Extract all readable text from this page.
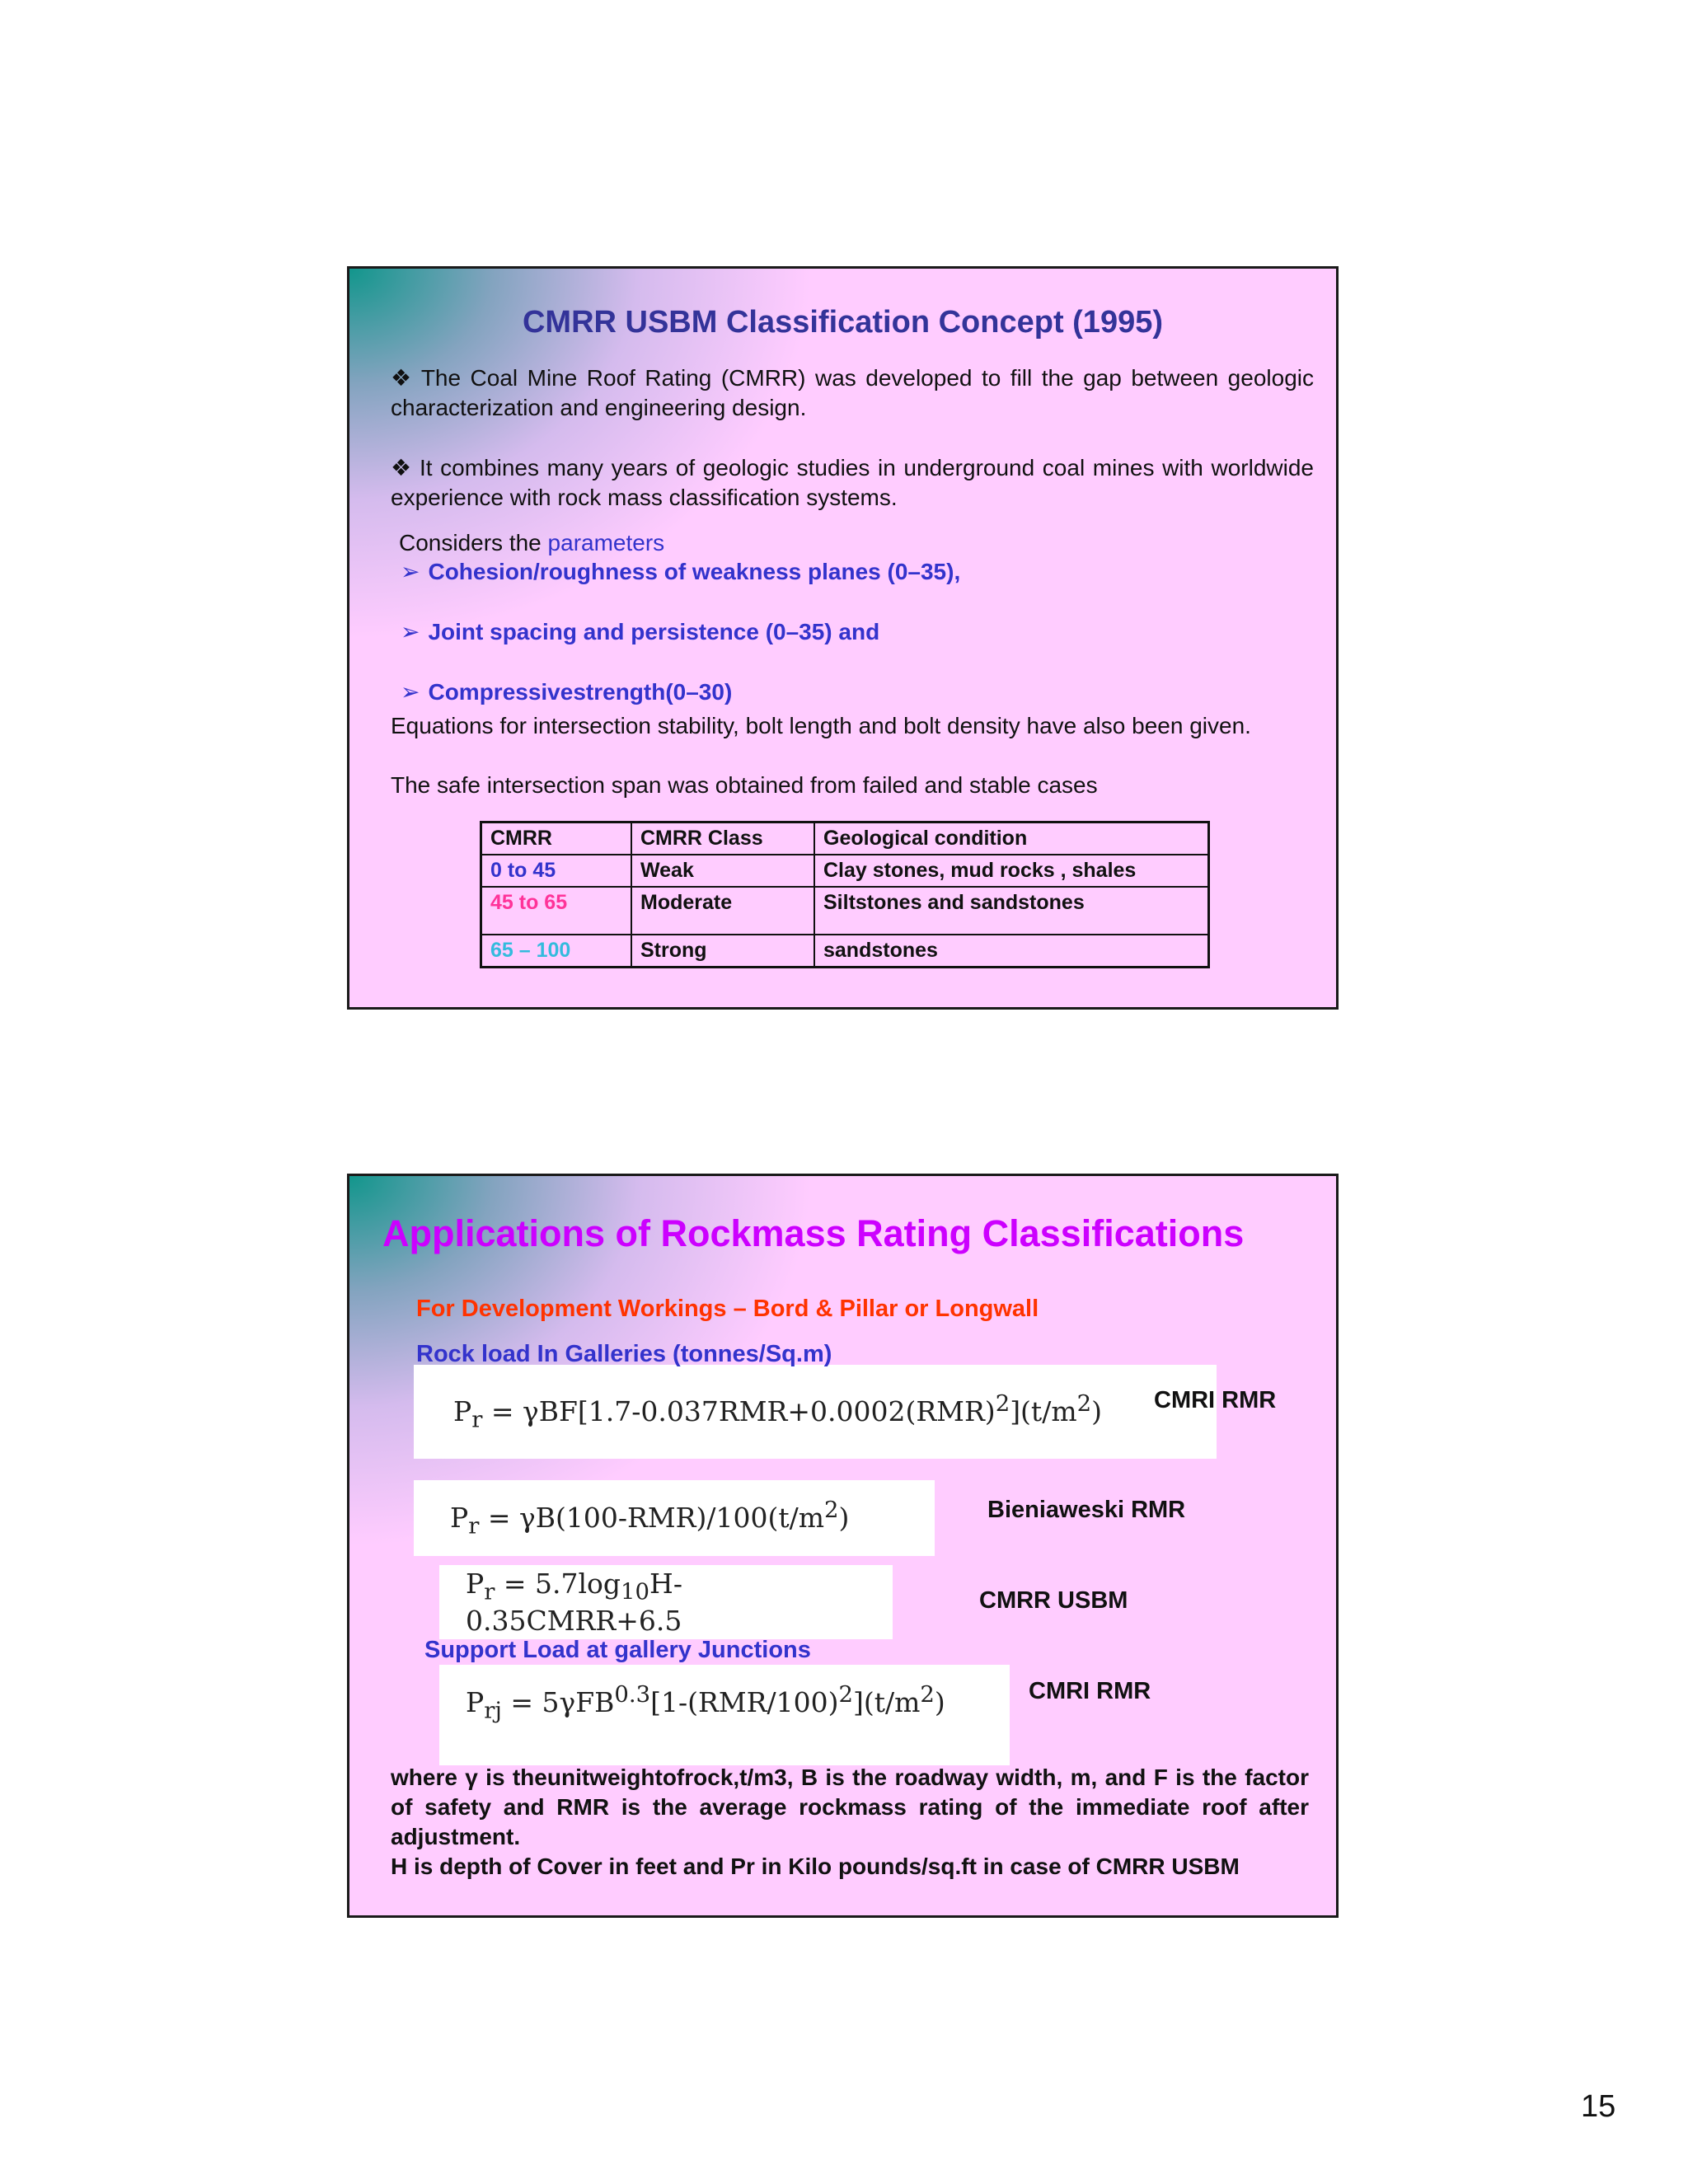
CMRR USBM Classification Concept (1995)
❖ The Coal Mine Roof Rating (CMRR) was developed to fill the gap between geologic characterization and engineering design.
❖ It combines many years of geologic studies in underground coal mines with worldwide experience with rock mass classification systems.
Considers the parameters
➢ Cohesion/roughness of weakness planes (0–35),
➢ Joint spacing and persistence (0–35) and
➢ Compressivestrength(0–30)
Equations for intersection stability, bolt length and bolt density have also been given.
The safe intersection span was obtained from failed and stable cases
CMRR	CMRR Class	Geological condition
0 to 45	Weak	Clay stones, mud rocks , shales
45 to 65	Moderate	Siltstones and sandstones
65 – 100	Strong	sandstones
Applications of Rockmass Rating Classifications
For Development Workings – Bord & Pillar or Longwall
$P_r = \gamma BF[1.7-0.037RMR+0.0002(RMR)^2](t/m^2)$
Rock load In Galleries (tonnes/Sq.m)
CMRI RMR
$P_r = \gamma B(100-RMR)/100(t/m^2)$	Bieniaweski RMR
$P_r$ = $5.7\log_{10}H-0.35CMRR+6.5$
CMRR USBM
Support Load at gallery Junctions
$P_{rj} = 5\gamma FB^{0.3}[1-(RMR/100)^2](t/m^2)$	CMRI RMR
where γ is theunitweightofrock,t/m3, B is the roadway width, m, and F is the factor of safety and RMR is the average rockmass rating of the immediate roof after adjustment.
H is depth of Cover in feet and Pr in Kilo pounds/sq.ft in case of CMRR USBM
15
